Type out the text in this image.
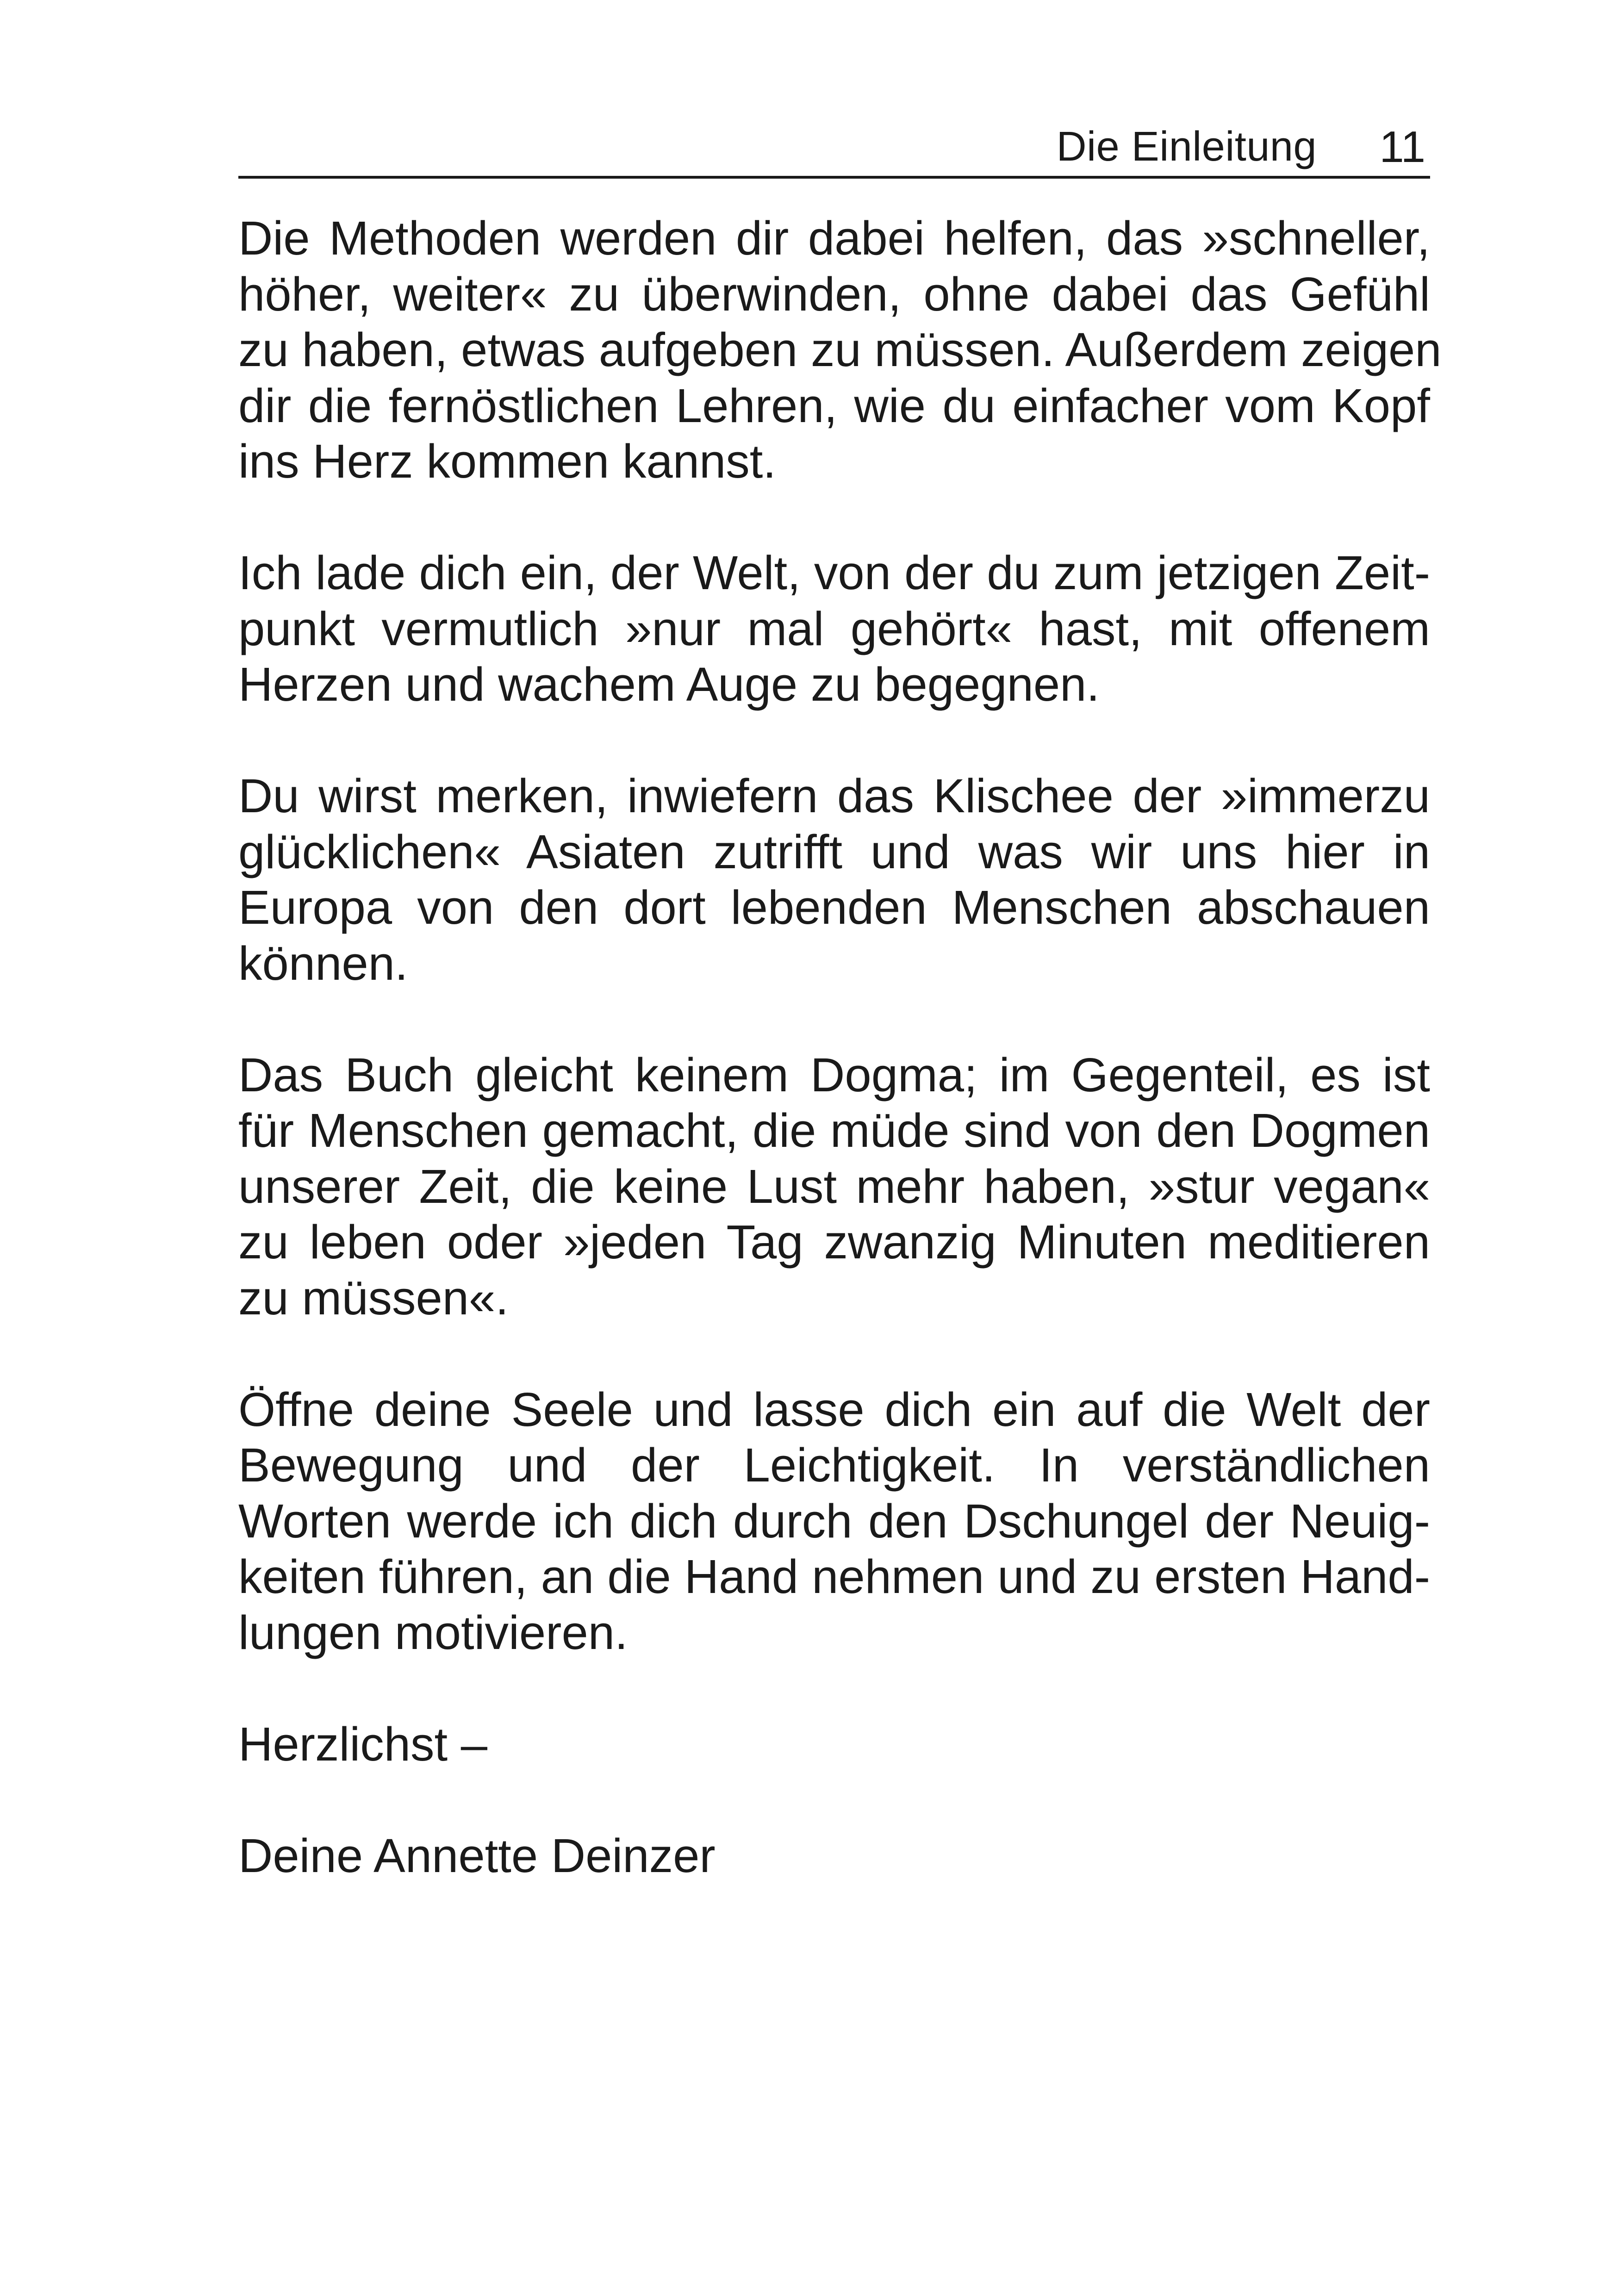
Die Einleitung 11

Die Methoden werden dir dabei helfen, das »schneller,
höher, weiter« zu überwinden, ohne dabei das Gefühl
zu haben, etwas aufgeben zu müssen. Außerdem zeigen
dir die fernöstlichen Lehren, wie du einfacher vom Kopf
ins Herz kommen kannst.

Ich lade dich ein, der Welt, von der du zum jetzigen Zeit-
punkt vermutlich »nur mal gehört« hast, mit offenem
Herzen und wachem Auge zu begegnen.

Du wirst merken, inwiefern das Klischee der »immerzu
glücklichen« Asiaten zutrifft und was wir uns hier in
Europa von den dort lebenden Menschen abschauen
können.

Das Buch gleicht keinem Dogma; im Gegenteil, es ist
für Menschen gemacht, die müde sind von den Dogmen
unserer Zeit, die keine Lust mehr haben, »stur vegan«
zu leben oder »jeden Tag zwanzig Minuten meditieren
zu müssen«.

Öffne deine Seele und lasse dich ein auf die Welt der
Bewegung und der Leichtigkeit. In verständlichen
Worten werde ich dich durch den Dschungel der Neuig-
keiten führen, an die Hand nehmen und zu ersten Hand-
lungen motivieren.

Herzlichst –

Deine Annette Deinzer
